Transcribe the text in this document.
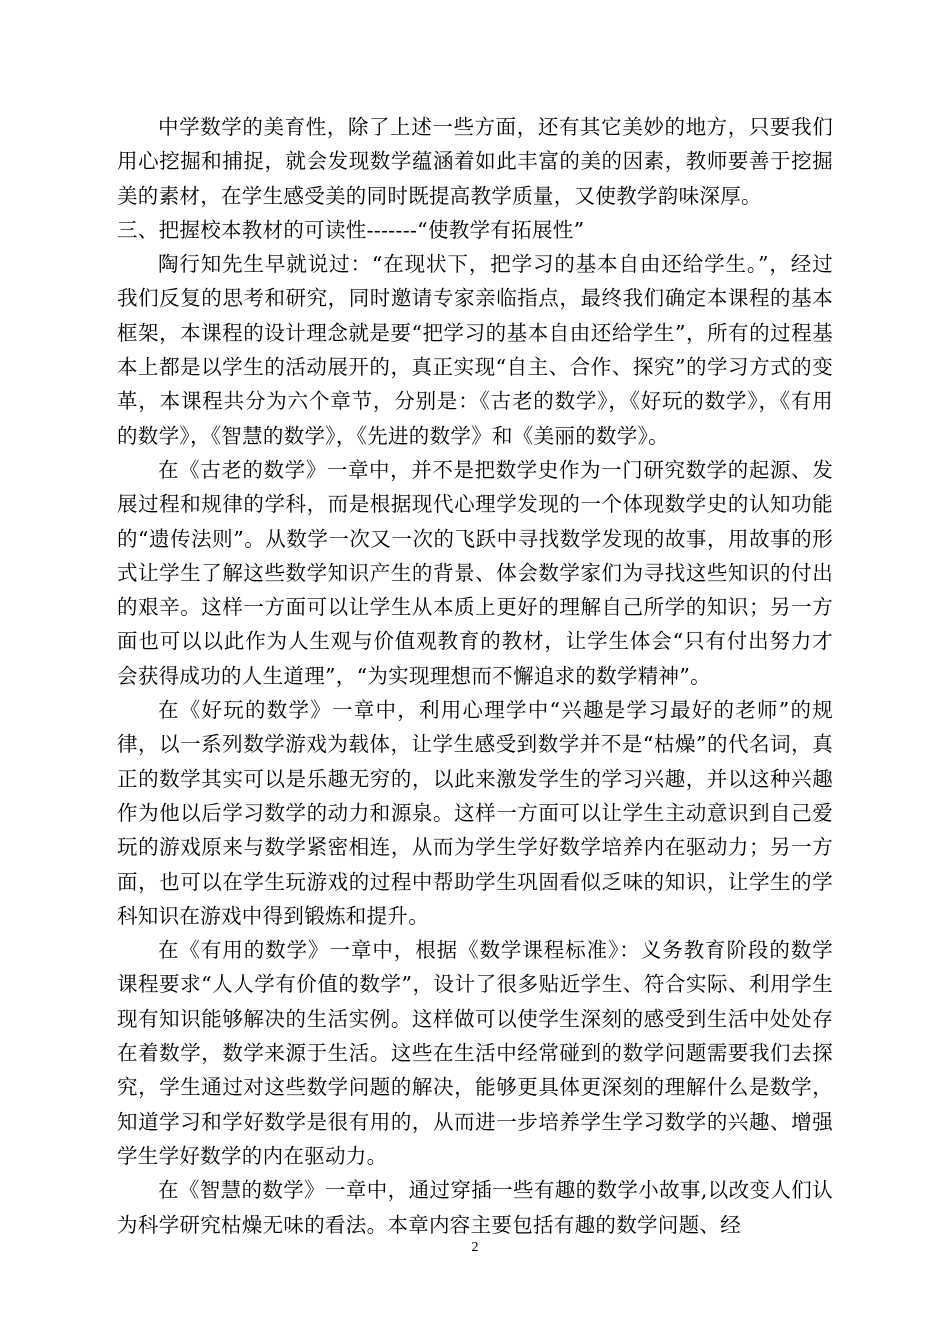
中学数学的美育性，除了上述一些方面，还有其它美妙的地方，只要我们用心挖掘和捕捉，就会发现数学蕴涵着如此丰富的美的因素，教师要善于挖掘美的素材，在学生感受美的同时既提高教学质量，又使教学韵味深厚。

三、把握校本教材的可读性-------“使教学有拓展性”

陶行知先生早就说过：“在现状下，把学习的基本自由还给学生。”，经过我们反复的思考和研究，同时邀请专家亲临指点，最终我们确定本课程的基本框架，本课程的设计理念就是要“把学习的基本自由还给学生”，所有的过程基本上都是以学生的活动展开的，真正实现“自主、合作、探究”的学习方式的变革，本课程共分为六个章节，分别是：《古老的数学》，《好玩的数学》，《有用的数学》，《智慧的数学》，《先进的数学》和《美丽的数学》。

在《古老的数学》一章中，并不是把数学史作为一门研究数学的起源、发展过程和规律的学科，而是根据现代心理学发现的一个体现数学史的认知功能的“遗传法则”。从数学一次又一次的飞跃中寻找数学发现的故事，用故事的形式让学生了解这些数学知识产生的背景、体会数学家们为寻找这些知识的付出的艰辛。这样一方面可以让学生从本质上更好的理解自己所学的知识；另一方面也可以以此作为人生观与价值观教育的教材，让学生体会“只有付出努力才会获得成功的人生道理”，“为实现理想而不懈追求的数学精神”。

在《好玩的数学》一章中，利用心理学中“兴趣是学习最好的老师”的规律，以一系列数学游戏为载体，让学生感受到数学并不是“枯燥”的代名词，真正的数学其实可以是乐趣无穷的，以此来激发学生的学习兴趣，并以这种兴趣作为他以后学习数学的动力和源泉。这样一方面可以让学生主动意识到自己爱玩的游戏原来与数学紧密相连，从而为学生学好数学培养内在驱动力；另一方面，也可以在学生玩游戏的过程中帮助学生巩固看似乏味的知识，让学生的学科知识在游戏中得到锻炼和提升。

在《有用的数学》一章中，根据《数学课程标准》：义务教育阶段的数学课程要求“人人学有价值的数学”，设计了很多贴近学生、符合实际、利用学生现有知识能够解决的生活实例。这样做可以使学生深刻的感受到生活中处处存在着数学，数学来源于生活。这些在生活中经常碰到的数学问题需要我们去探究，学生通过对这些数学问题的解决，能够更具体更深刻的理解什么是数学，知道学习和学好数学是很有用的，从而进一步培养学生学习数学的兴趣、增强学生学好数学的内在驱动力。

在《智慧的数学》一章中，通过穿插一些有趣的数学小故事,以改变人们认为科学研究枯燥无味的看法。本章内容主要包括有趣的数学问题、经

2
